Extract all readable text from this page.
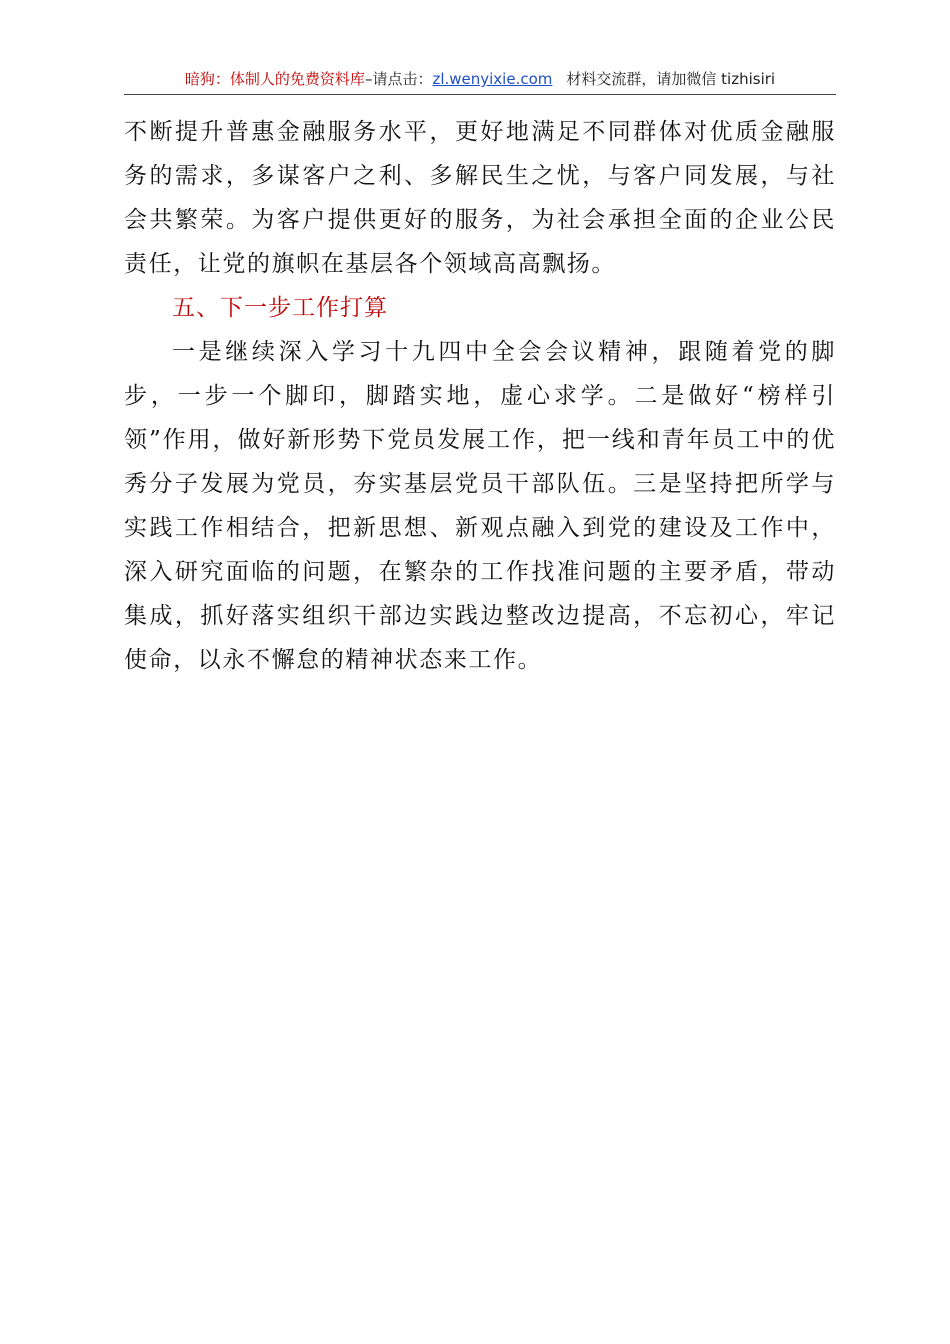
暗狗：体制人的免费资料库–请点击：zl.wenyixie.com 材料交流群，请加微信 tizhisiri

不断提升普惠金融服务水平，更好地满足不同群体对优质金融服务的需求，多谋客户之利、多解民生之忧，与客户同发展，与社会共繁荣。为客户提供更好的服务，为社会承担全面的企业公民责任，让党的旗帜在基层各个领域高高飘扬。

五、下一步工作打算

一是继续深入学习十九四中全会会议精神，跟随着党的脚步，一步一个脚印，脚踏实地，虚心求学。二是做好“榜样引领”作用，做好新形势下党员发展工作，把一线和青年员工中的优秀分子发展为党员，夯实基层党员干部队伍。三是坚持把所学与实践工作相结合，把新思想、新观点融入到党的建设及工作中，深入研究面临的问题，在繁杂的工作找准问题的主要矛盾，带动集成，抓好落实组织干部边实践边整改边提高，不忘初心，牢记使命，以永不懈怠的精神状态来工作。
